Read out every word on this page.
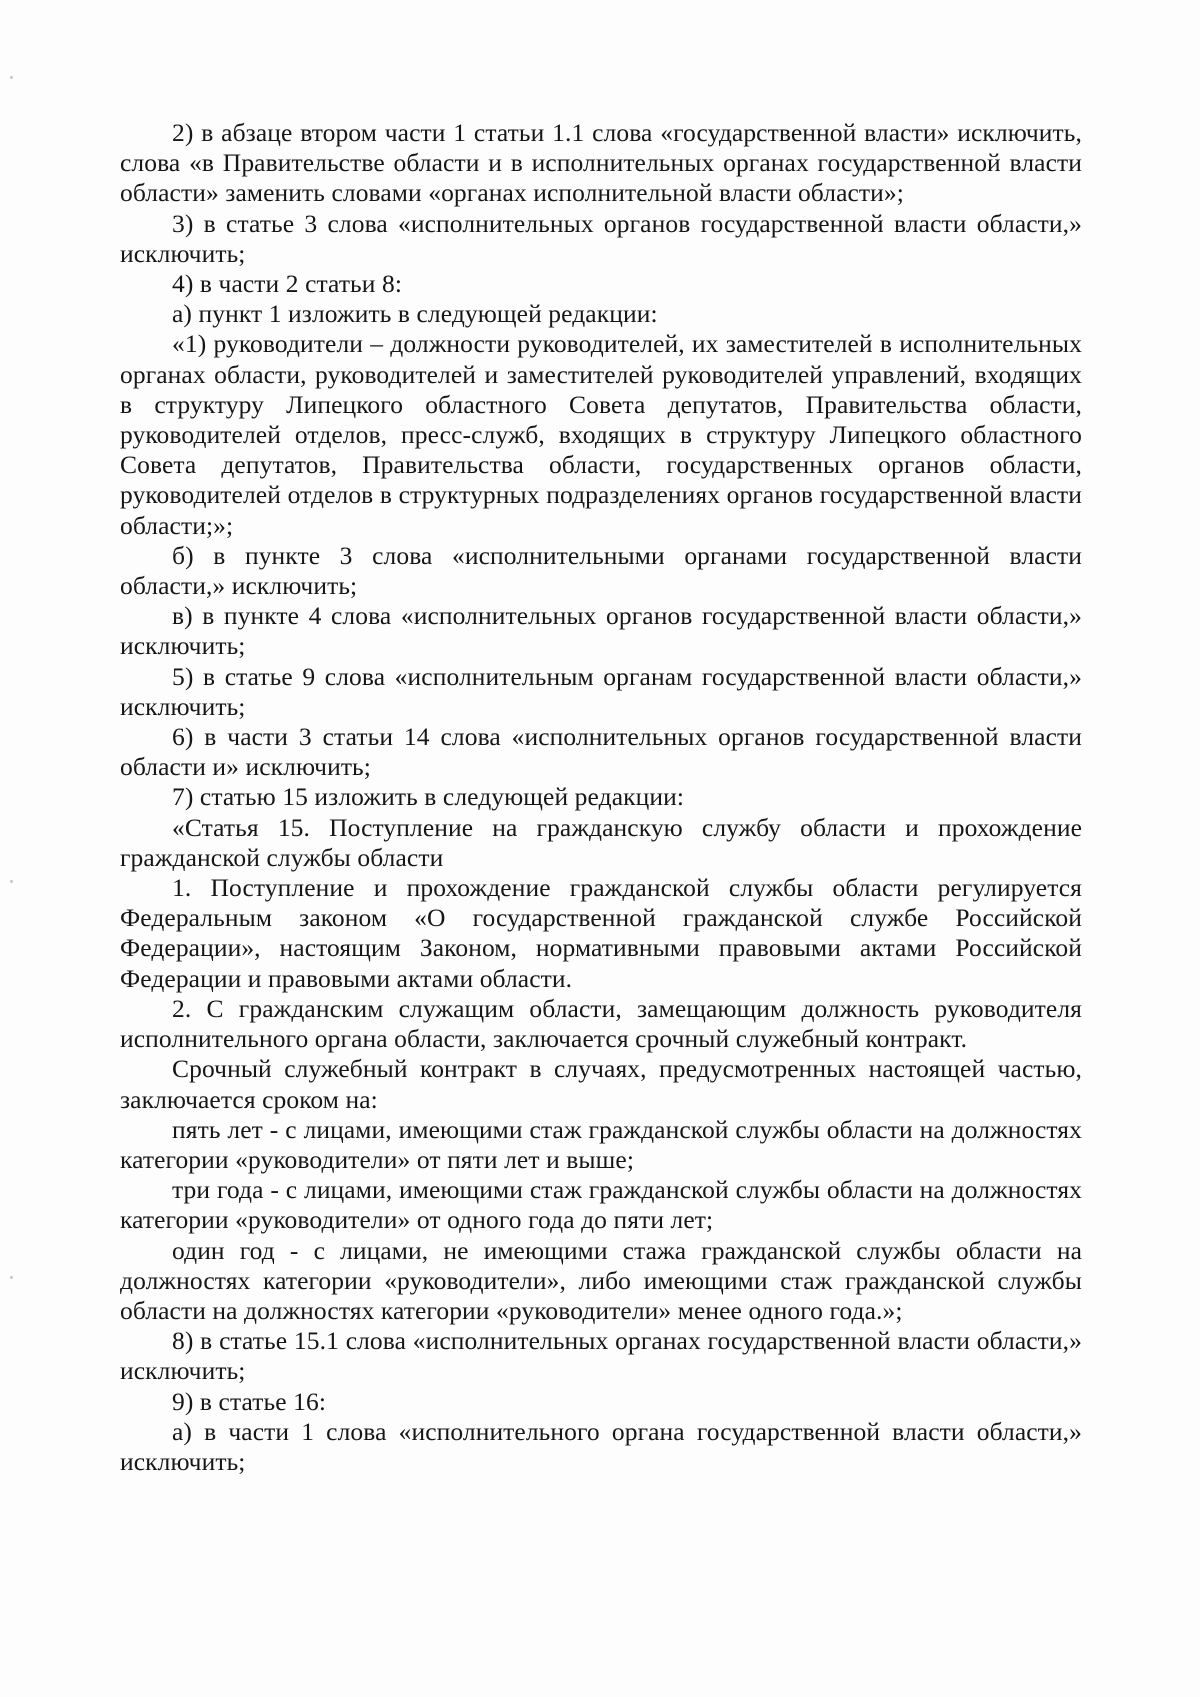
2) в абзаце втором части 1 статьи 1.1 слова «государственной власти» исключить, слова «в Правительстве области и в исполнительных органах государственной власти области» заменить словами «органах исполнительной власти области»;

3) в статье 3 слова «исполнительных органов государственной власти области,» исключить;

4) в части 2 статьи 8:

а) пункт 1 изложить в следующей редакции:

«1) руководители – должности руководителей, их заместителей в исполнительных органах области, руководителей и заместителей руководителей управлений, входящих в структуру Липецкого областного Совета депутатов, Правительства области, руководителей отделов, пресс-служб, входящих в структуру Липецкого областного Совета депутатов, Правительства области, государственных органов области, руководителей отделов в структурных подразделениях органов государственной власти области;»;

б) в пункте 3 слова «исполнительными органами государственной власти области,» исключить;

в) в пункте 4 слова «исполнительных органов государственной власти области,» исключить;

5) в статье 9 слова «исполнительным органам государственной власти области,» исключить;

6) в части 3 статьи 14 слова «исполнительных органов государственной власти области и» исключить;

7) статью 15 изложить в следующей редакции:

«Статья 15. Поступление на гражданскую службу области и прохождение гражданской службы области

1. Поступление и прохождение гражданской службы области регулируется Федеральным законом «О государственной гражданской службе Российской Федерации», настоящим Законом, нормативными правовыми актами Российской Федерации и правовыми актами области.

2. С гражданским служащим области, замещающим должность руководителя исполнительного органа области, заключается срочный служебный контракт.

Срочный служебный контракт в случаях, предусмотренных настоящей частью, заключается сроком на:

пять лет - с лицами, имеющими стаж гражданской службы области на должностях категории «руководители» от пяти лет и выше;

три года - с лицами, имеющими стаж гражданской службы области на должностях категории «руководители» от одного года до пяти лет;

один год - с лицами, не имеющими стажа гражданской службы области на должностях категории «руководители», либо имеющими стаж гражданской службы области на должностях категории «руководители» менее одного года.»;

8) в статье 15.1 слова «исполнительных органах государственной власти области,» исключить;

9) в статье 16:

а) в части 1 слова «исполнительного органа государственной власти области,» исключить;
